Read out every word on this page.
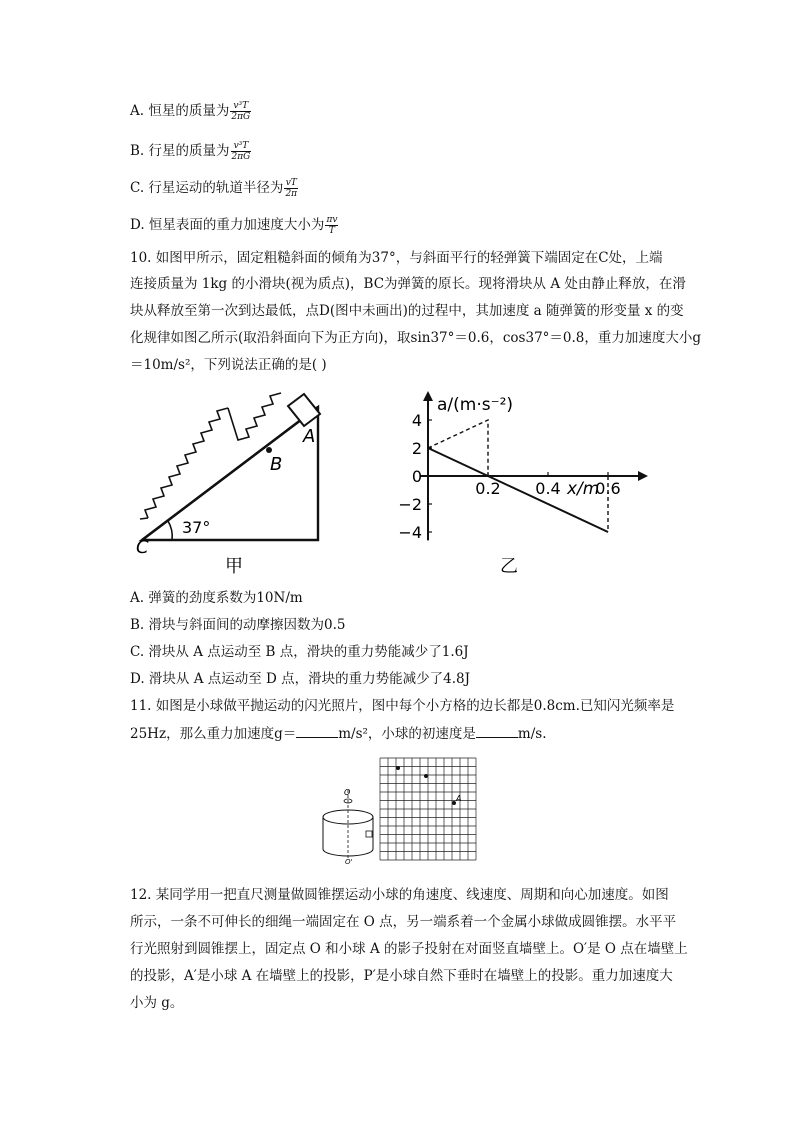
A. 恒星的质量为 $\frac{\text{v³T}}{2\pi G}$
B. 行星的质量为 $\frac{\text{v³T}}{2\pi G}$
C. 行星运动的轨道半径为 $\frac{vT}{2\pi}$
D. 恒星表面的重力加速度大小为 $\frac{\pi v}{T}$
10. 如图甲所示，固定粗糙斜面的倾角为37°，与斜面平行的轻弹簧下端固定在C处，上端
连接质量为 1kg 的小滑块(视为质点)，BC为弹簧的原长。现将滑块从 A 处由静止释放，在滑
块从释放至第一次到达最低，点D(图中未画出)的过程中，其加速度 a 随弹簧的形变量 x 的变
化规律如图乙所示(取沿斜面向下为正方向)，取sin37°＝0.6，cos37°＝0.8，重力加速度大小g
＝10m/s²，下列说法正确的是( )
A
B
C
37°
甲
4
2
0
−2
−4
0.2 0.4 0.6
a/(m·s⁻²)
x/m
乙
A. 弹簧的劲度系数为10N/m
B. 滑块与斜面间的动摩擦因数为0.5
C. 滑块从 A 点运动至 B 点，滑块的重力势能减少了1.6J
D. 滑块从 A 点运动至 D 点，滑块的重力势能减少了4.8J
11. 如图是小球做平抛运动的闪光照片，图中每个小方格的边长都是0.8cm.已知闪光频率是
25Hz，那么重力加速度g＝	m/s²，小球的初速度是	m/s.
O
O'
A
12. 某同学用一把直尺测量做圆锥摆运动小球的角速度、线速度、周期和向心加速度。如图
所示，一条不可伸长的细绳一端固定在 O 点，另一端系着一个金属小球做成圆锥摆。水平平
行光照射到圆锥摆上，固定点 O 和小球 A 的影子投射在对面竖直墙壁上。O′是 O 点在墙壁上
的投影，A′是小球 A 在墙壁上的投影，P′是小球自然下垂时在墙壁上的投影。重力加速度大
小为 g。
